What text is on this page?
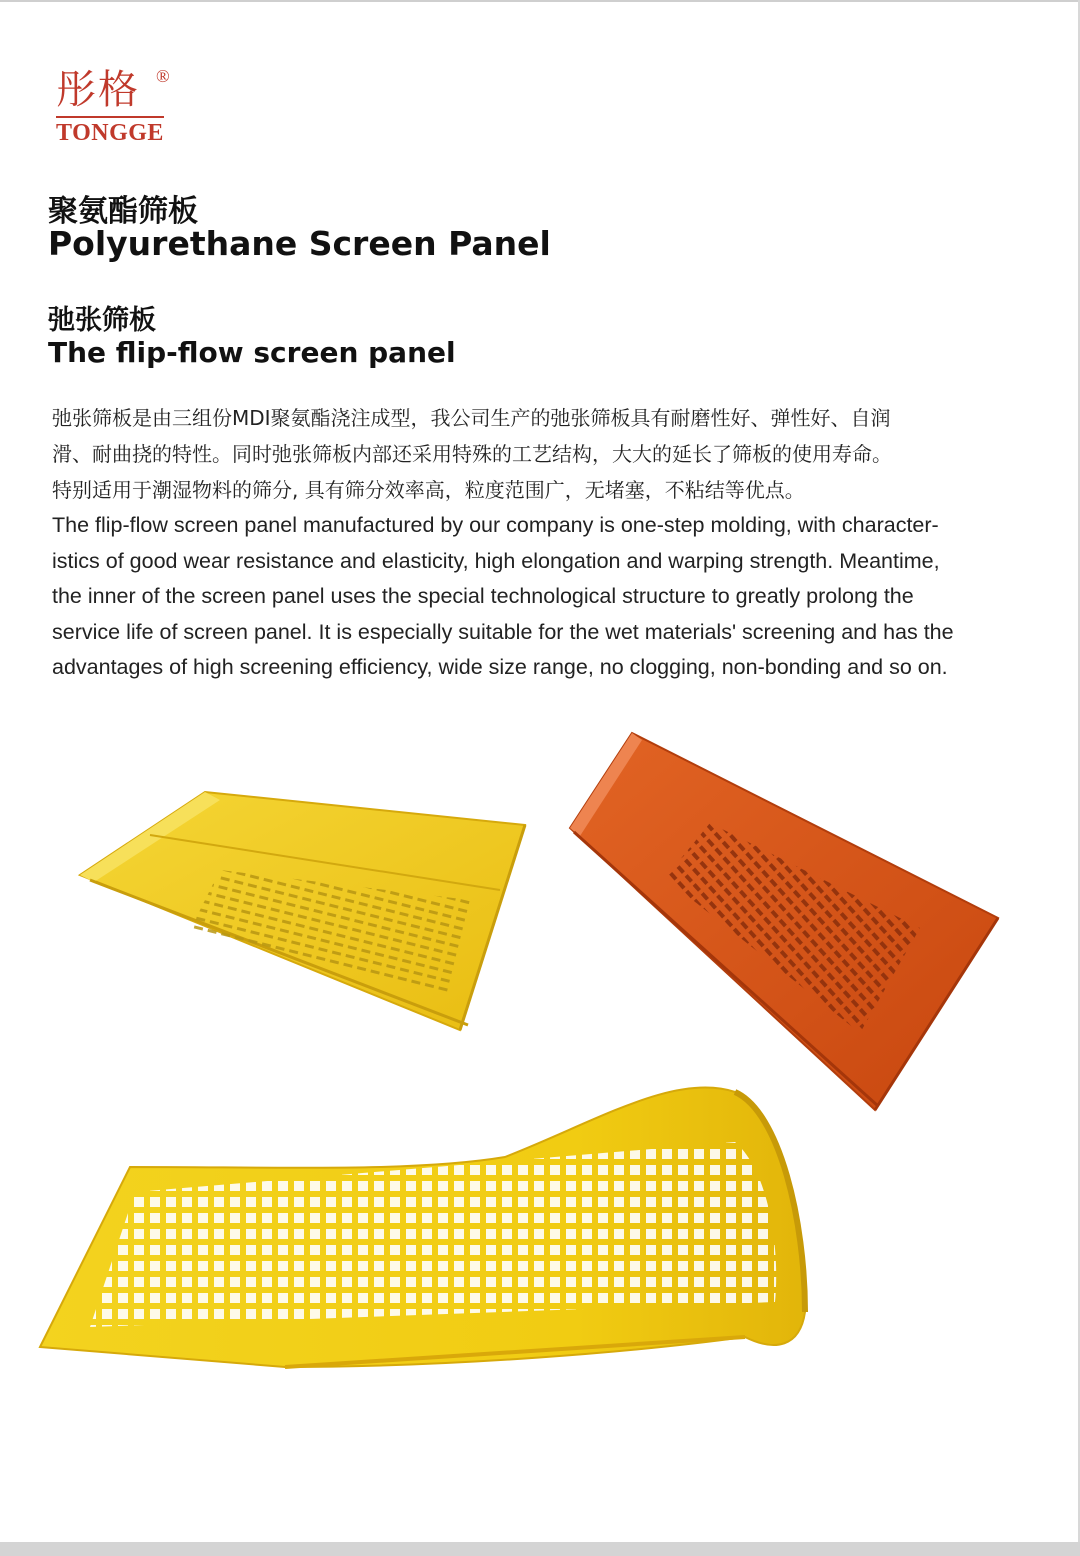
彤格 ®
TONGGE
聚氨酯筛板
Polyurethane Screen Panel
弛张筛板
The flip-flow screen panel

弛张筛板是由三组份MDI聚氨酯浇注成型，我公司生产的弛张筛板具有耐磨性好、弹性好、自润

滑、耐曲挠的特性。同时弛张筛板内部还采用特殊的工艺结构，大大的延长了筛板的使用寿命。

特别适用于潮湿物料的筛分, 具有筛分效率高，粒度范围广，无堵塞，不粘结等优点。

The flip-flow screen panel manufactured by our company is one-step molding, with character-

istics of good wear resistance and elasticity, high elongation and warping strength. Meantime,

the inner of the screen panel uses the special technological structure to greatly prolong the

service life of screen panel. It is especially suitable for the wet materials' screening and has the

advantages of high screening efficiency, wide size range, no clogging, non-bonding and so on.
